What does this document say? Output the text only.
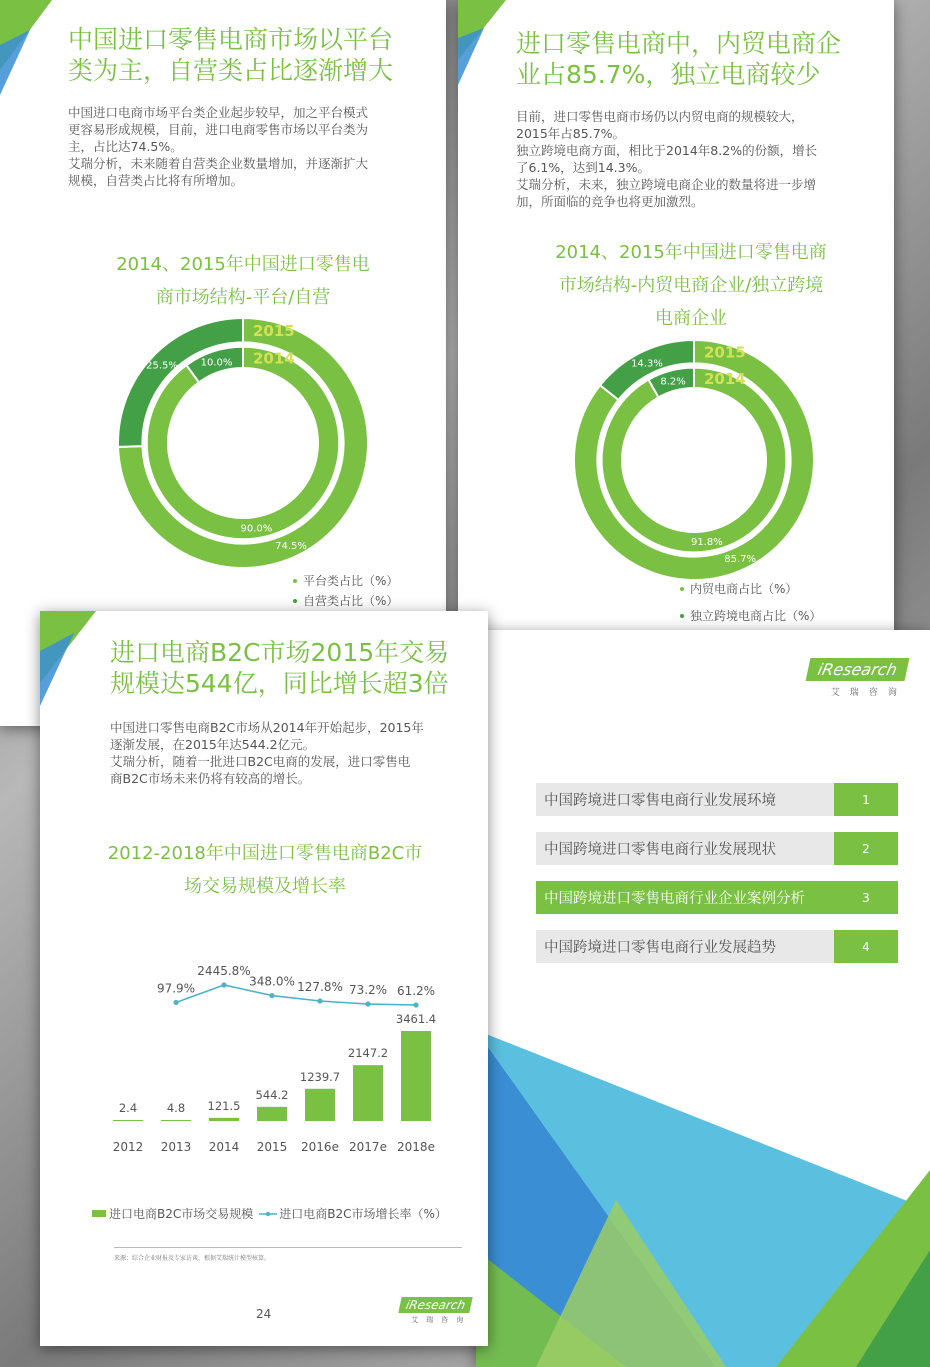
中国进口零售电商市场以平台
类为主，自营类占比逐渐增大

中国进口电商市场平台类企业起步较早，加之平台模式
更容易形成规模，目前，进口电商零售市场以平台类为
主，占比达74.5%。
艾瑞分析，未来随着自营类企业数量增加，并逐渐扩大
规模，自营类占比将有所增加。

2014、2015年中国进口零售电
商市场结构-平台/自营
74.5%
25.5%
2015
90.0%
10.0% 2014
平台类占比（%）
自营类占比（%）
进口零售电商中，内贸电商企
业占85.7%，独立电商较少

目前，进口零售电商市场仍以内贸电商的规模较大，
2015年占85.7%。
独立跨境电商方面，相比于2014年8.2%的份额，增长
了6.1%，达到14.3%。
艾瑞分析，未来，独立跨境电商企业的数量将进一步增
加，所面临的竞争也将更加激烈。

2014、2015年中国进口零售电商
市场结构-内贸电商企业/独立跨境
电商企业
85.7%
14.3%
2015
91.8%
8.2% 2014
内贸电商占比（%）
独立跨境电商占比（%）
iResearch
艾瑞咨询
中国跨境进口零售电商行业发展环境	1
中国跨境进口零售电商行业发展现状	2
中国跨境进口零售电商行业企业案例分析	3
中国跨境进口零售电商行业发展趋势	4
进口电商B2C市场2015年交易
规模达544亿，同比增长超3倍

中国进口零售电商B2C市场从2014年开始起步，2015年
逐渐发展，在2015年达544.2亿元。
艾瑞分析，随着一批进口B2C电商的发展，进口零售电
商B2C市场未来仍将有较高的增长。

2012-2018年中国进口零售电商B2C市
场交易规模及增长率
2.4
2012
4.8
2013
121.5
2014
544.2
2015
1239.7
2016e
2147.2
2017e
3461.4
2018e
97.9%
2445.8%
348.0% 127.8% 73.2% 61.2%
进口电商B2C市场交易规模 进口电商B2C市场增长率（%）
来源：综合企业财报及专家访谈，根据艾瑞统计模型核算。
24
iResearch
艾瑞咨询
